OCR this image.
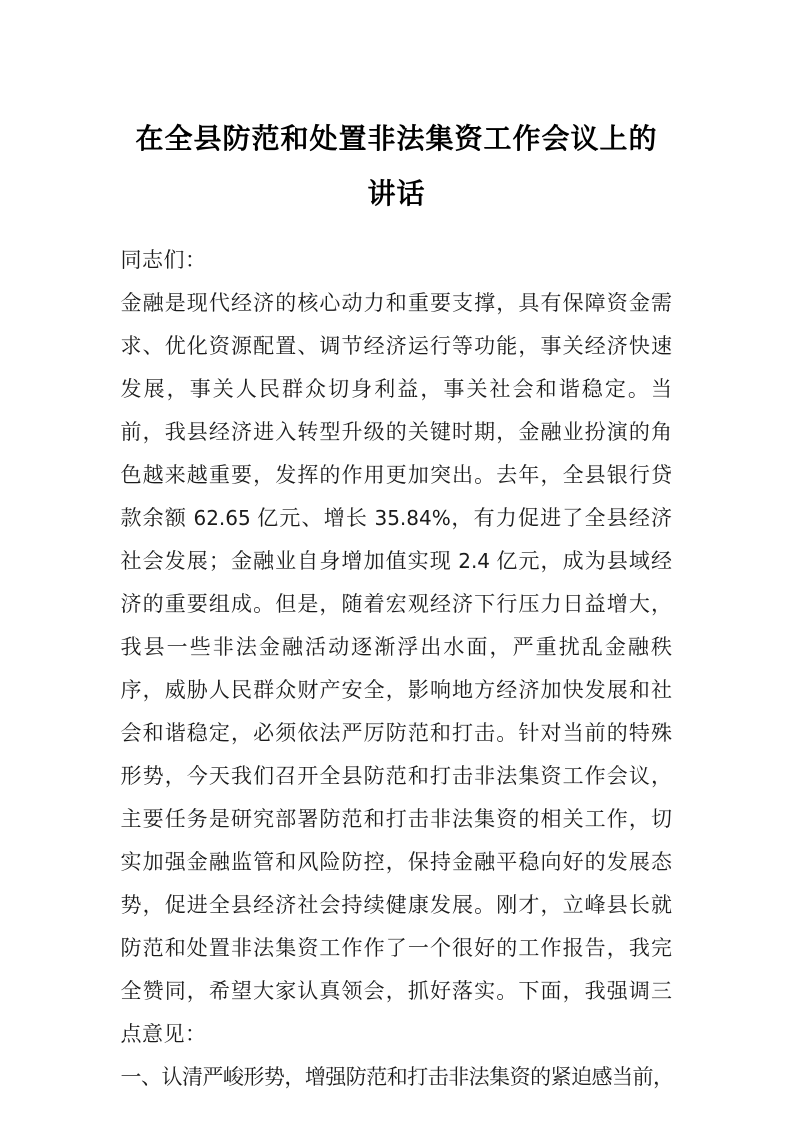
在全县防范和处置非法集资工作会议上的讲话

同志们：

金融是现代经济的核心动力和重要支撑，具有保障资金需求、优化资源配置、调节经济运行等功能，事关经济快速发展，事关人民群众切身利益，事关社会和谐稳定。当前，我县经济进入转型升级的关键时期，金融业扮演的角色越来越重要，发挥的作用更加突出。去年，全县银行贷款余额 62.65 亿元、增长 35.84%，有力促进了全县经济社会发展；金融业自身增加值实现 2.4 亿元，成为县域经济的重要组成。但是，随着宏观经济下行压力日益增大，我县一些非法金融活动逐渐浮出水面，严重扰乱金融秩序，威胁人民群众财产安全，影响地方经济加快发展和社会和谐稳定，必须依法严厉防范和打击。针对当前的特殊形势，今天我们召开全县防范和打击非法集资工作会议，主要任务是研究部署防范和打击非法集资的相关工作，切实加强金融监管和风险防控，保持金融平稳向好的发展态势，促进全县经济社会持续健康发展。刚才，立峰县长就防范和处置非法集资工作作了一个很好的工作报告，我完全赞同，希望大家认真领会，抓好落实。下面，我强调三点意见：

一、认清严峻形势，增强防范和打击非法集资的紧迫感当前，
